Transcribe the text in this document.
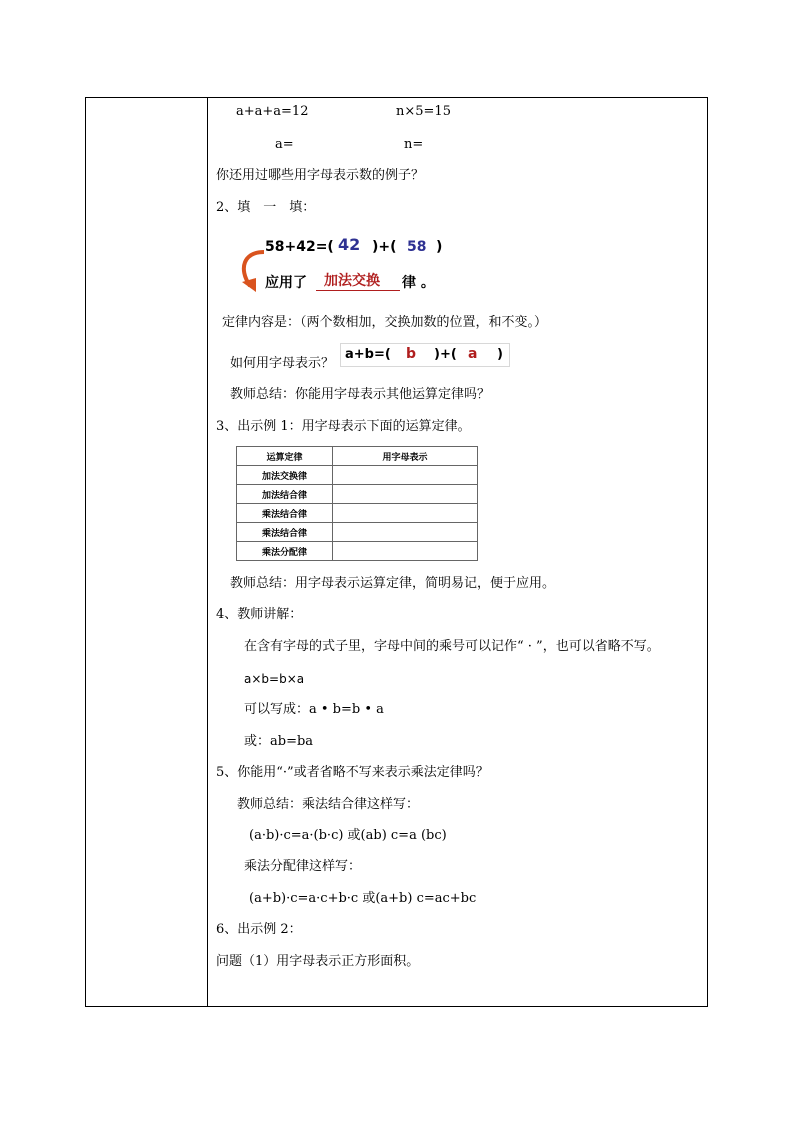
a+a+a=12	n×5=15
a=	n=
你还用过哪些用字母表示数的例子？
2、填　一　填：
58+42=( 42 )+( 58 )
应用了 加法交换 律 。
定律内容是：（两个数相加，交换加数的位置，和不变。）
如何用字母表示？
a+b=( b )+( a )
教师总结：你能用字母表示其他运算定律吗？
3、出示例 1：用字母表示下面的运算定律。
运算定律	用字母表示
加法交换律	
加法结合律	
乘法结合律	
乘法结合律	
乘法分配律	
教师总结：用字母表示运算定律，简明易记，便于应用。
4、教师讲解：
在含有字母的式子里，字母中间的乘号可以记作“ · ”，也可以省略不写。
a×b=b×a
可以写成：a • b=b • a
或：ab=ba
5、你能用“·”或者省略不写来表示乘法定律吗？
教师总结：乘法结合律这样写：
(a·b)·c=a·(b·c) 或(ab) c=a (bc)
乘法分配律这样写：
(a+b)·c=a·c+b·c 或(a+b) c=ac+bc
6、出示例 2：
问题（1）用字母表示正方形面积。
